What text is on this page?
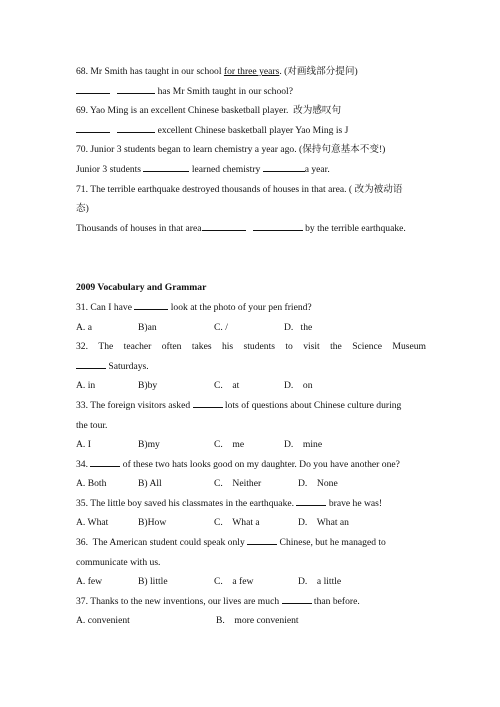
68. Mr Smith has taught in our school for three years. (对画线部分提问)
has Mr Smith taught in our school?
69. Yao Ming is an excellent Chinese basketball player.  改为感叹句
excellent Chinese basketball player Yao Ming is J
70. Junior 3 students began to learn chemistry a year ago. (保持句意基本不变!)
Junior 3 students	learned chemistry	a year.
71. The terrible earthquake destroyed thousands of houses in that area. ( 改为被动语
态)
Thousands of houses in that area	by the terrible earthquake.
2009 Vocabulary and Grammar
31. Can I have	look at the photo of your pen friend?
A. a	B)an	C. /	D.   the
32. The teacher often takes his students to visit the Science Museum
Saturdays.
A. in	B)by	C.    at	D.    on
33. The foreign visitors asked	lots of questions about Chinese culture during
the tour.
A. I	B)my	C.    me	D.    mine
34.	of these two hats looks good on my daughter. Do you have another one?
A. Both	B) All	C.    Neither	D.    None
35. The little boy saved his classmates in the earthquake.	brave he was!
A. What	B)How	C.    What a	D.    What an
36.  The American student could speak only	Chinese, but he managed to
communicate with us.
A. few	B) little	C.    a few	D.    a little
37. Thanks to the new inventions, our lives are much	than before.
A. convenient	B.    more convenient
